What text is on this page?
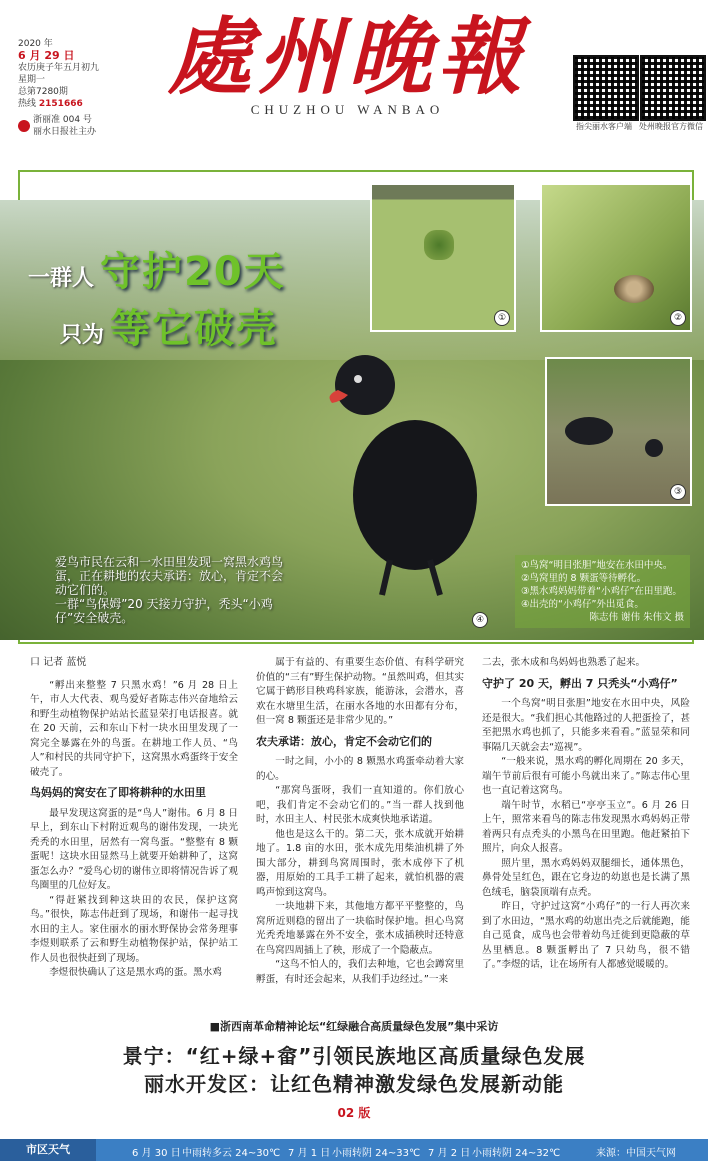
2020 年
6 月 29 日
农历庚子年五月初九
星期一
总第7280期
热线 2151666
浙丽准 004 号
丽水日报社主办
處州晚報
CHUZHOU WANBAO
指尖丽水客户端 处州晚报官方微信
一群人 守护20天
只为 等它破壳
爱鸟市民在云和一水田里发现一窝黑水鸡鸟蛋，正在耕地的农夫承诺：放心，肯定不会动它们的。
一群“鸟保姆”20 天接力守护，秃头“小鸡仔”安全破壳。
①	②
③
④
①鸟窝“明目张胆”地安在水田中央。
②鸟窝里的 8 颗蛋等待孵化。
③黑水鸡妈妈带着“小鸡仔”在田里跑。
④出壳的“小鸡仔”外出觅食。
陈志伟 谢伟 朱伟文 摄
口 记者 蓝悦

“孵出来整整 7 只黑水鸡！”6 月 28 日上午，市人大代表、观鸟爱好者陈志伟兴奋地给云和野生动植物保护站站长蓝显荣打电话报喜。就在 20 天前，云和东山下村一块水田里发现了一窝完全暴露在外的鸟蛋。在耕地工作人员、“鸟人”和村民的共同守护下，这窝黑水鸡蛋终于安全破壳了。

鸟妈妈的窝安在了即将耕种的水田里

最早发现这窝蛋的是“鸟人”谢伟。6 月 8 日早上，到东山下村附近观鸟的谢伟发现，一块光秃秃的水田里，居然有一窝鸟蛋。“整整有 8 颗蛋呢！这块水田显然马上就要开始耕种了，这窝蛋怎么办？”爱鸟心切的谢伟立即将情况告诉了观鸟圈里的几位好友。

“得赶紧找到种这块田的农民，保护这窝鸟。”很快，陈志伟赶到了现场，和谢伟一起寻找水田的主人。家住丽水的丽水野保协会常务理事李煜则联系了云和野生动植物保护站，保护站工作人员也很快赶到了现场。

李煜很快确认了这是黑水鸡的蛋。黑水鸡

属于有益的、有重要生态价值、有科学研究价值的“三有”野生保护动物。“虽然叫鸡，但其实它属于鹤形目秧鸡科家族，能游泳，会潜水，喜欢在水塘里生活，在丽水各地的水田都有分布，但一窝 8 颗蛋还是非常少见的。”

农夫承诺：放心，肯定不会动它们的

一时之间，小小的 8 颗黑水鸡蛋牵动着大家的心。

“那窝鸟蛋呀，我们一直知道的。你们放心吧，我们肯定不会动它们的。”当一群人找到他时，水田主人、村民张木成爽快地承诺道。

他也是这么干的。第二天，张木成就开始耕地了。1.8 亩的水田，张木成先用柴油机耕了外围大部分，耕到鸟窝周围时，张木成停下了机器，用原始的工具手工耕了起来，就怕机器的震鸣声惊到这窝鸟。

一块地耕下来，其他地方都平平整整的，鸟窝所近则稳的留出了一块临时保护地。担心鸟窝光秃秃地暴露在外不安全，张木成插秧时还特意在鸟窝四周插上了秧，形成了一个隐蔽点。

“这鸟不怕人的，我们去种地，它也会蹲窝里孵蛋，有时还会起来，从我们手边经过。”一来

二去，张木成和鸟妈妈也熟悉了起来。

守护了 20 天，孵出 7 只秃头“小鸡仔”

一个鸟窝“明目张胆”地安在水田中央，风险还是很大。“我们担心其他路过的人把蛋捡了，甚至把黑水鸡也抓了，只能多来看看。”蓝显荣和同事隔几天就会去“巡视”。

“一般来说，黑水鸡的孵化周期在 20 多天，端午节前后很有可能小鸟就出来了。”陈志伟心里也一直记着这窝鸟。

端午时节，水稻已“亭亭玉立”。6 月 26 日上午，照常来看鸟的陈志伟发现黑水鸡妈妈正带着两只有点秃头的小黑鸟在田里跑。他赶紧拍下照片，向众人报喜。

照片里，黑水鸡妈妈双腿细长，通体黑色，鼻骨处呈红色，跟在它身边的幼崽也是长满了黑色绒毛，脑袋顶端有点秃。

昨日，守护过这窝“小鸡仔”的一行人再次来到了水田边，“黑水鸡的幼崽出壳之后就能跑，能自己觅食，成鸟也会带着幼鸟迁徙到更隐蔽的草丛里栖息。8 颗蛋孵出了 7 只幼鸟，很不错了。”李煜的话，让在场所有人都感觉暖暖的。

■浙西南革命精神论坛“红绿融合高质量绿色发展”集中采访
景宁：“红+绿+畲”引领民族地区高质量绿色发展
丽水开发区：让红色精神激发绿色发展新动能
02 版
市区天气	6 月 30 日 中雨转多云 24~30℃ 7 月 1 日 小雨转阴 24~33℃ 7 月 2 日 小雨转阴 24~32℃	来源：中国天气网
